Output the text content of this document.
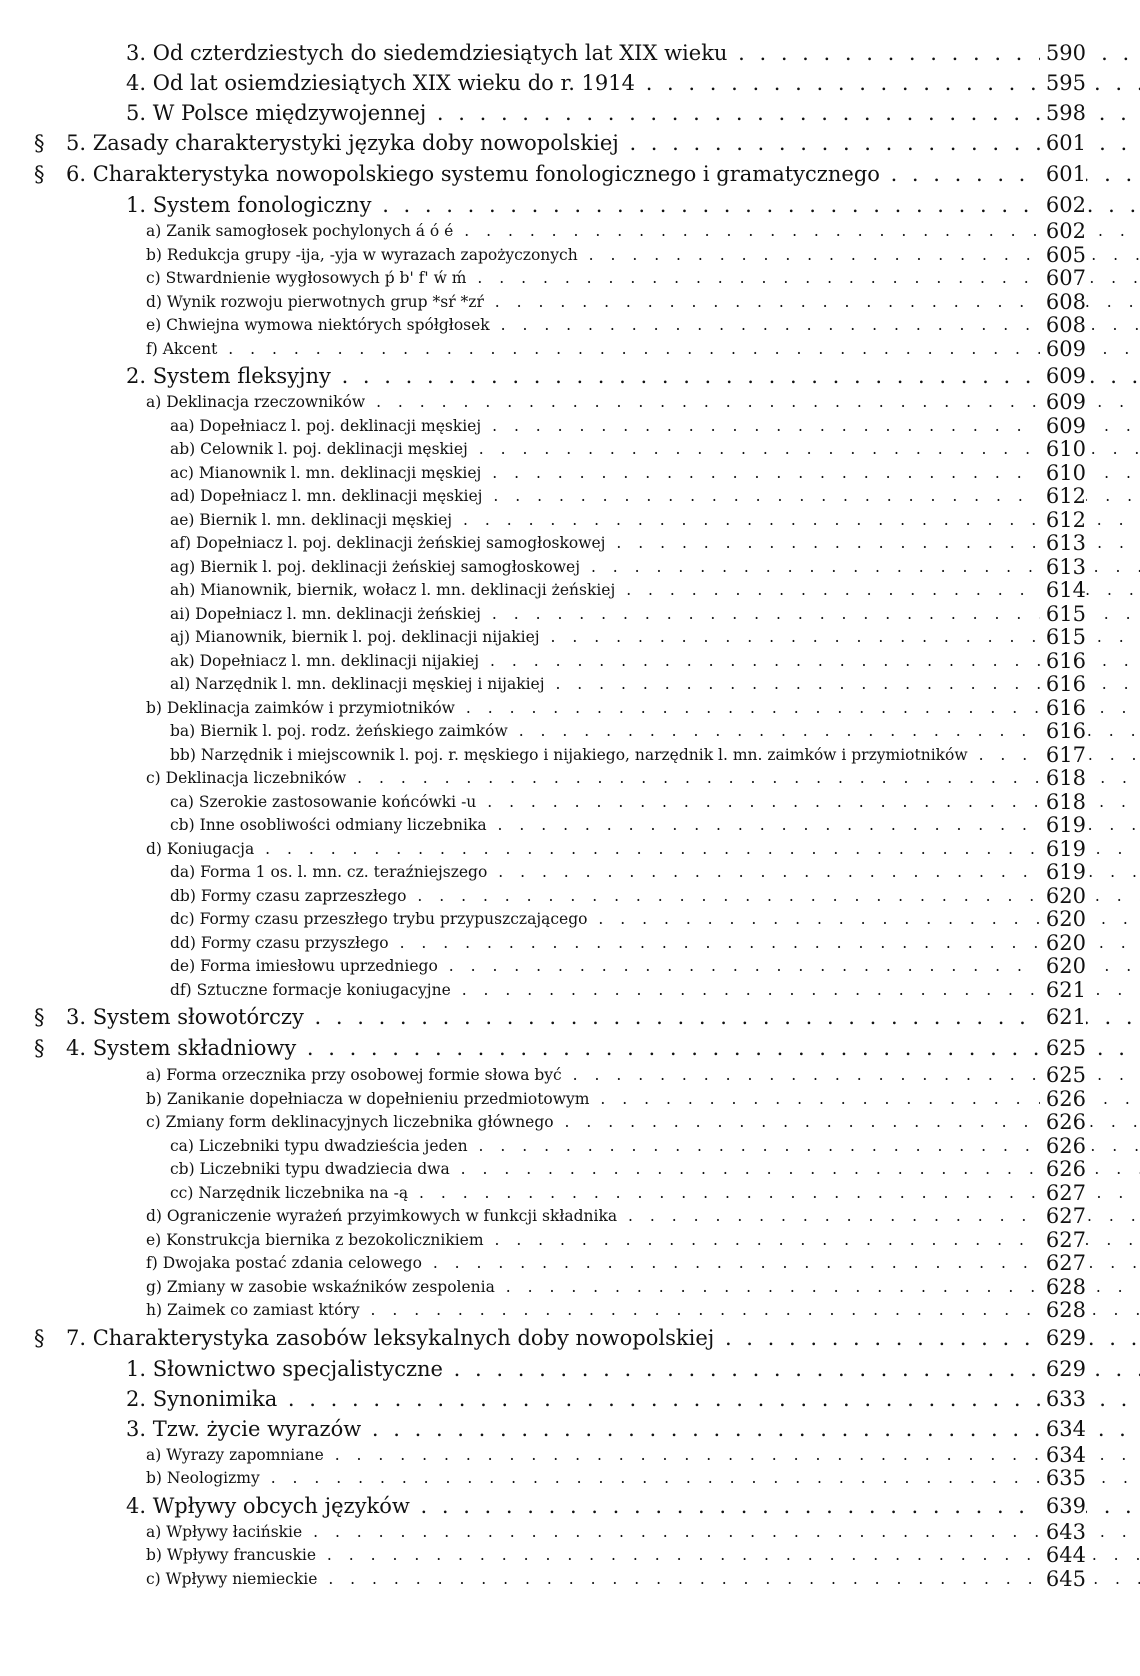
3. Od czterdziestych do siedemdziesiątych lat XIX wieku . . .	590
4. Od lat osiemdziesiątych XIX wieku do r. 1914 . . .	595
5. W Polsce międzywojennej . . .	598
§ 5. Zasady charakterystyki języka doby nowopolskiej . . .	601
§ 6. Charakterystyka nowopolskiego systemu fonologicznego i gramatycznego . . .	601
1. System fonologiczny . . .	602
a) Zanik samogłosek pochylonych á ó é . . .	602
b) Redukcja grupy -ija, -yja w wyrazach zapożyczonych . . .	605
c) Stwardnienie wygłosowych ṕ b' f' ẃ ḿ . . .	607
d) Wynik rozwoju pierwotnych grup *sŕ *zŕ . . .	608
e) Chwiejna wymowa niektórych spółgłosek . . .	608
f) Akcent . . .	609
2. System fleksyjny . . .	609
a) Deklinacja rzeczowników . . .	609
aa) Dopełniacz l. poj. deklinacji męskiej . . .	609
ab) Celownik l. poj. deklinacji męskiej . . .	610
ac) Mianownik l. mn. deklinacji męskiej . . .	610
ad) Dopełniacz l. mn. deklinacji męskiej . . .	612
ae) Biernik l. mn. deklinacji męskiej . . .	612
af) Dopełniacz l. poj. deklinacji żeńskiej samogłoskowej . . .	613
ag) Biernik l. poj. deklinacji żeńskiej samogłoskowej . . .	613
ah) Mianownik, biernik, wołacz l. mn. deklinacji żeńskiej . . .	614
ai) Dopełniacz l. mn. deklinacji żeńskiej . . .	615
aj) Mianownik, biernik l. poj. deklinacji nijakiej . . .	615
ak) Dopełniacz l. mn. deklinacji nijakiej . . .	616
al) Narzędnik l. mn. deklinacji męskiej i nijakiej . . .	616
b) Deklinacja zaimków i przymiotników . . .	616
ba) Biernik l. poj. rodz. żeńskiego zaimków . . .	616
bb) Narzędnik i miejscownik l. poj. r. męskiego i nijakiego, narzędnik l. mn. zaimków i przymiotników . . .	617
c) Deklinacja liczebników . . .	618
ca) Szerokie zastosowanie końcówki -u . . .	618
cb) Inne osobliwości odmiany liczebnika . . .	619
d) Koniugacja . . .	619
da) Forma 1 os. l. mn. cz. teraźniejszego . . .	619
db) Formy czasu zaprzeszłego . . .	620
dc) Formy czasu przeszłego trybu przypuszczającego . . .	620
dd) Formy czasu przyszłego . . .	620
de) Forma imiesłowu uprzedniego . . .	620
df) Sztuczne formacje koniugacyjne . . .	621
§ 3. System słowotórczy . . .	621
§ 4. System składniowy . . .	625
a) Forma orzecznika przy osobowej formie słowa być . . .	625
b) Zanikanie dopełniacza w dopełnieniu przedmiotowym . . .	626
c) Zmiany form deklinacyjnych liczebnika głównego . . .	626
ca) Liczebniki typu dwadzieścia jeden . . .	626
cb) Liczebniki typu dwadziecia dwa . . .	626
cc) Narzędnik liczebnika na -ą . . .	627
d) Ograniczenie wyrażeń przyimkowych w funkcji składnika . . .	627
e) Konstrukcja biernika z bezokolicznikiem . . .	627
f) Dwojaka postać zdania celowego . . .	627
g) Zmiany w zasobie wskaźników zespolenia . . .	628
h) Zaimek co zamiast który . . .	628
§ 7. Charakterystyka zasobów leksykalnych doby nowopolskiej . . .	629
1. Słownictwo specjalistyczne . . .	629
2. Synonimika . . .	633
3. Tzw. życie wyrazów . . .	634
a) Wyrazy zapomniane . . .	634
b) Neologizmy . . .	635
4. Wpływy obcych języków . . .	639
a) Wpływy łacińskie . . .	643
b) Wpływy francuskie . . .	644
c) Wpływy niemieckie . . .	645
